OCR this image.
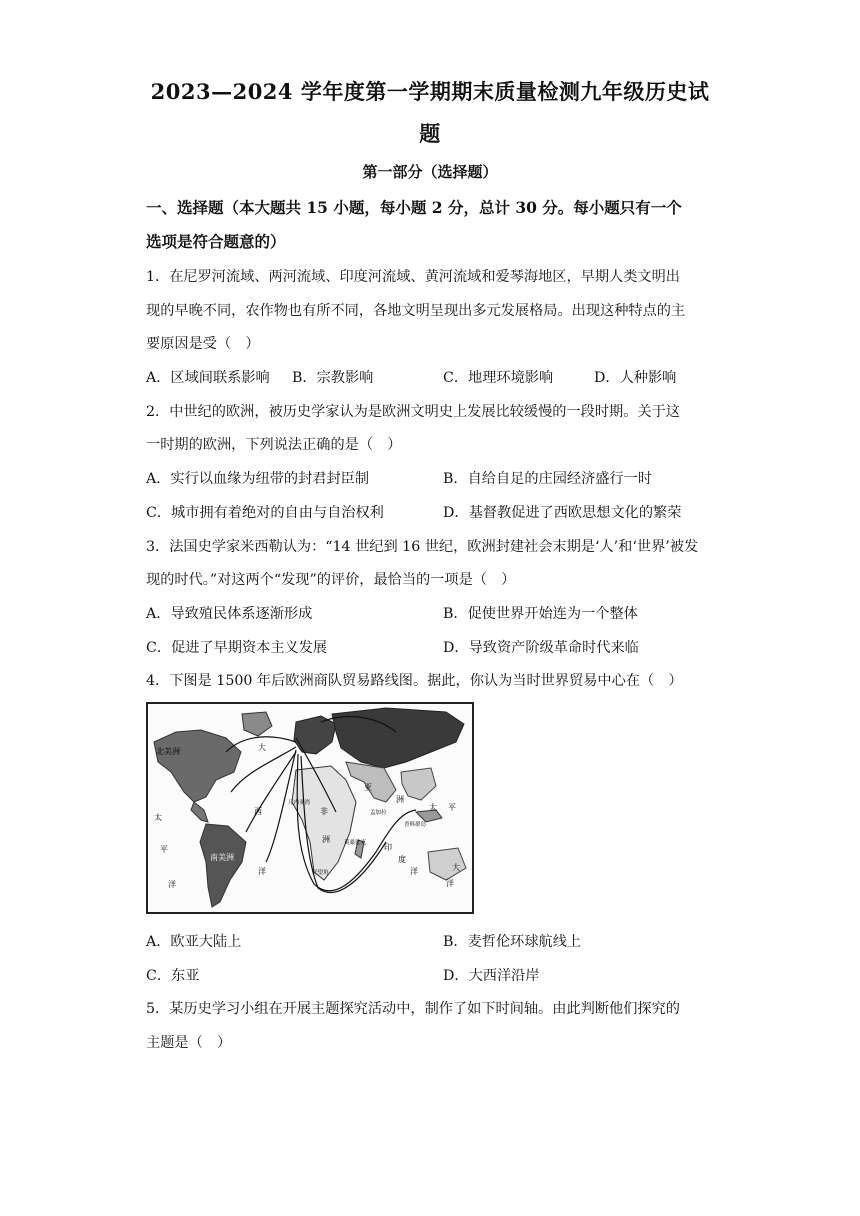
2023—2024 学年度第一学期期末质量检测九年级历史试
题
第一部分（选择题）
一、选择题（本大题共 15 小题，每小题 2 分，总计 30 分。每小题只有一个
选项是符合题意的）
1．在尼罗河流域、两河流域、印度河流域、黄河流域和爱琴海地区，早期人类文明出
现的早晚不同，农作物也有所不同，各地文明呈现出多元发展格局。出现这种特点的主
要原因是受（　）
A．区域间联系影响 B．宗教影响	C．地理环境影响	D．人种影响
2．中世纪的欧洲，被历史学家认为是欧洲文明史上发展比较缓慢的一段时期。关于这
一时期的欧洲，下列说法正确的是（　）
A．实行以血缘为纽带的封君封臣制	B．自给自足的庄园经济盛行一时
C．城市拥有着绝对的自由与自治权利	D．基督教促进了西欧思想文化的繁荣
3．法国史学家米西勒认为：“14 世纪到 16 世纪，欧洲封建社会末期是‘人’和‘世界’被发
现的时代。”对这两个“发现”的评价，最恰当的一项是（　）
A．导致殖民体系逐渐形成	B．促使世界开始连为一个整体
C．促进了早期资本主义发展	D．导致资产阶级革命时代来临
4．下图是 1500 年后欧洲商队贸易路线图。据此，你认为当时世界贸易中心在（　）
北美洲
南美洲
大
西
洋
亚
洲
非
洲
太
平
洋
太 平
洋
大
印
度
洋
几内亚湾
孟加拉
香料群岛
好望角
莫桑比克
A．欧亚大陆上	B．麦哲伦环球航线上
C．东亚	D．大西洋沿岸
5．某历史学习小组在开展主题探究活动中，制作了如下时间轴。由此判断他们探究的
主题是（　）
